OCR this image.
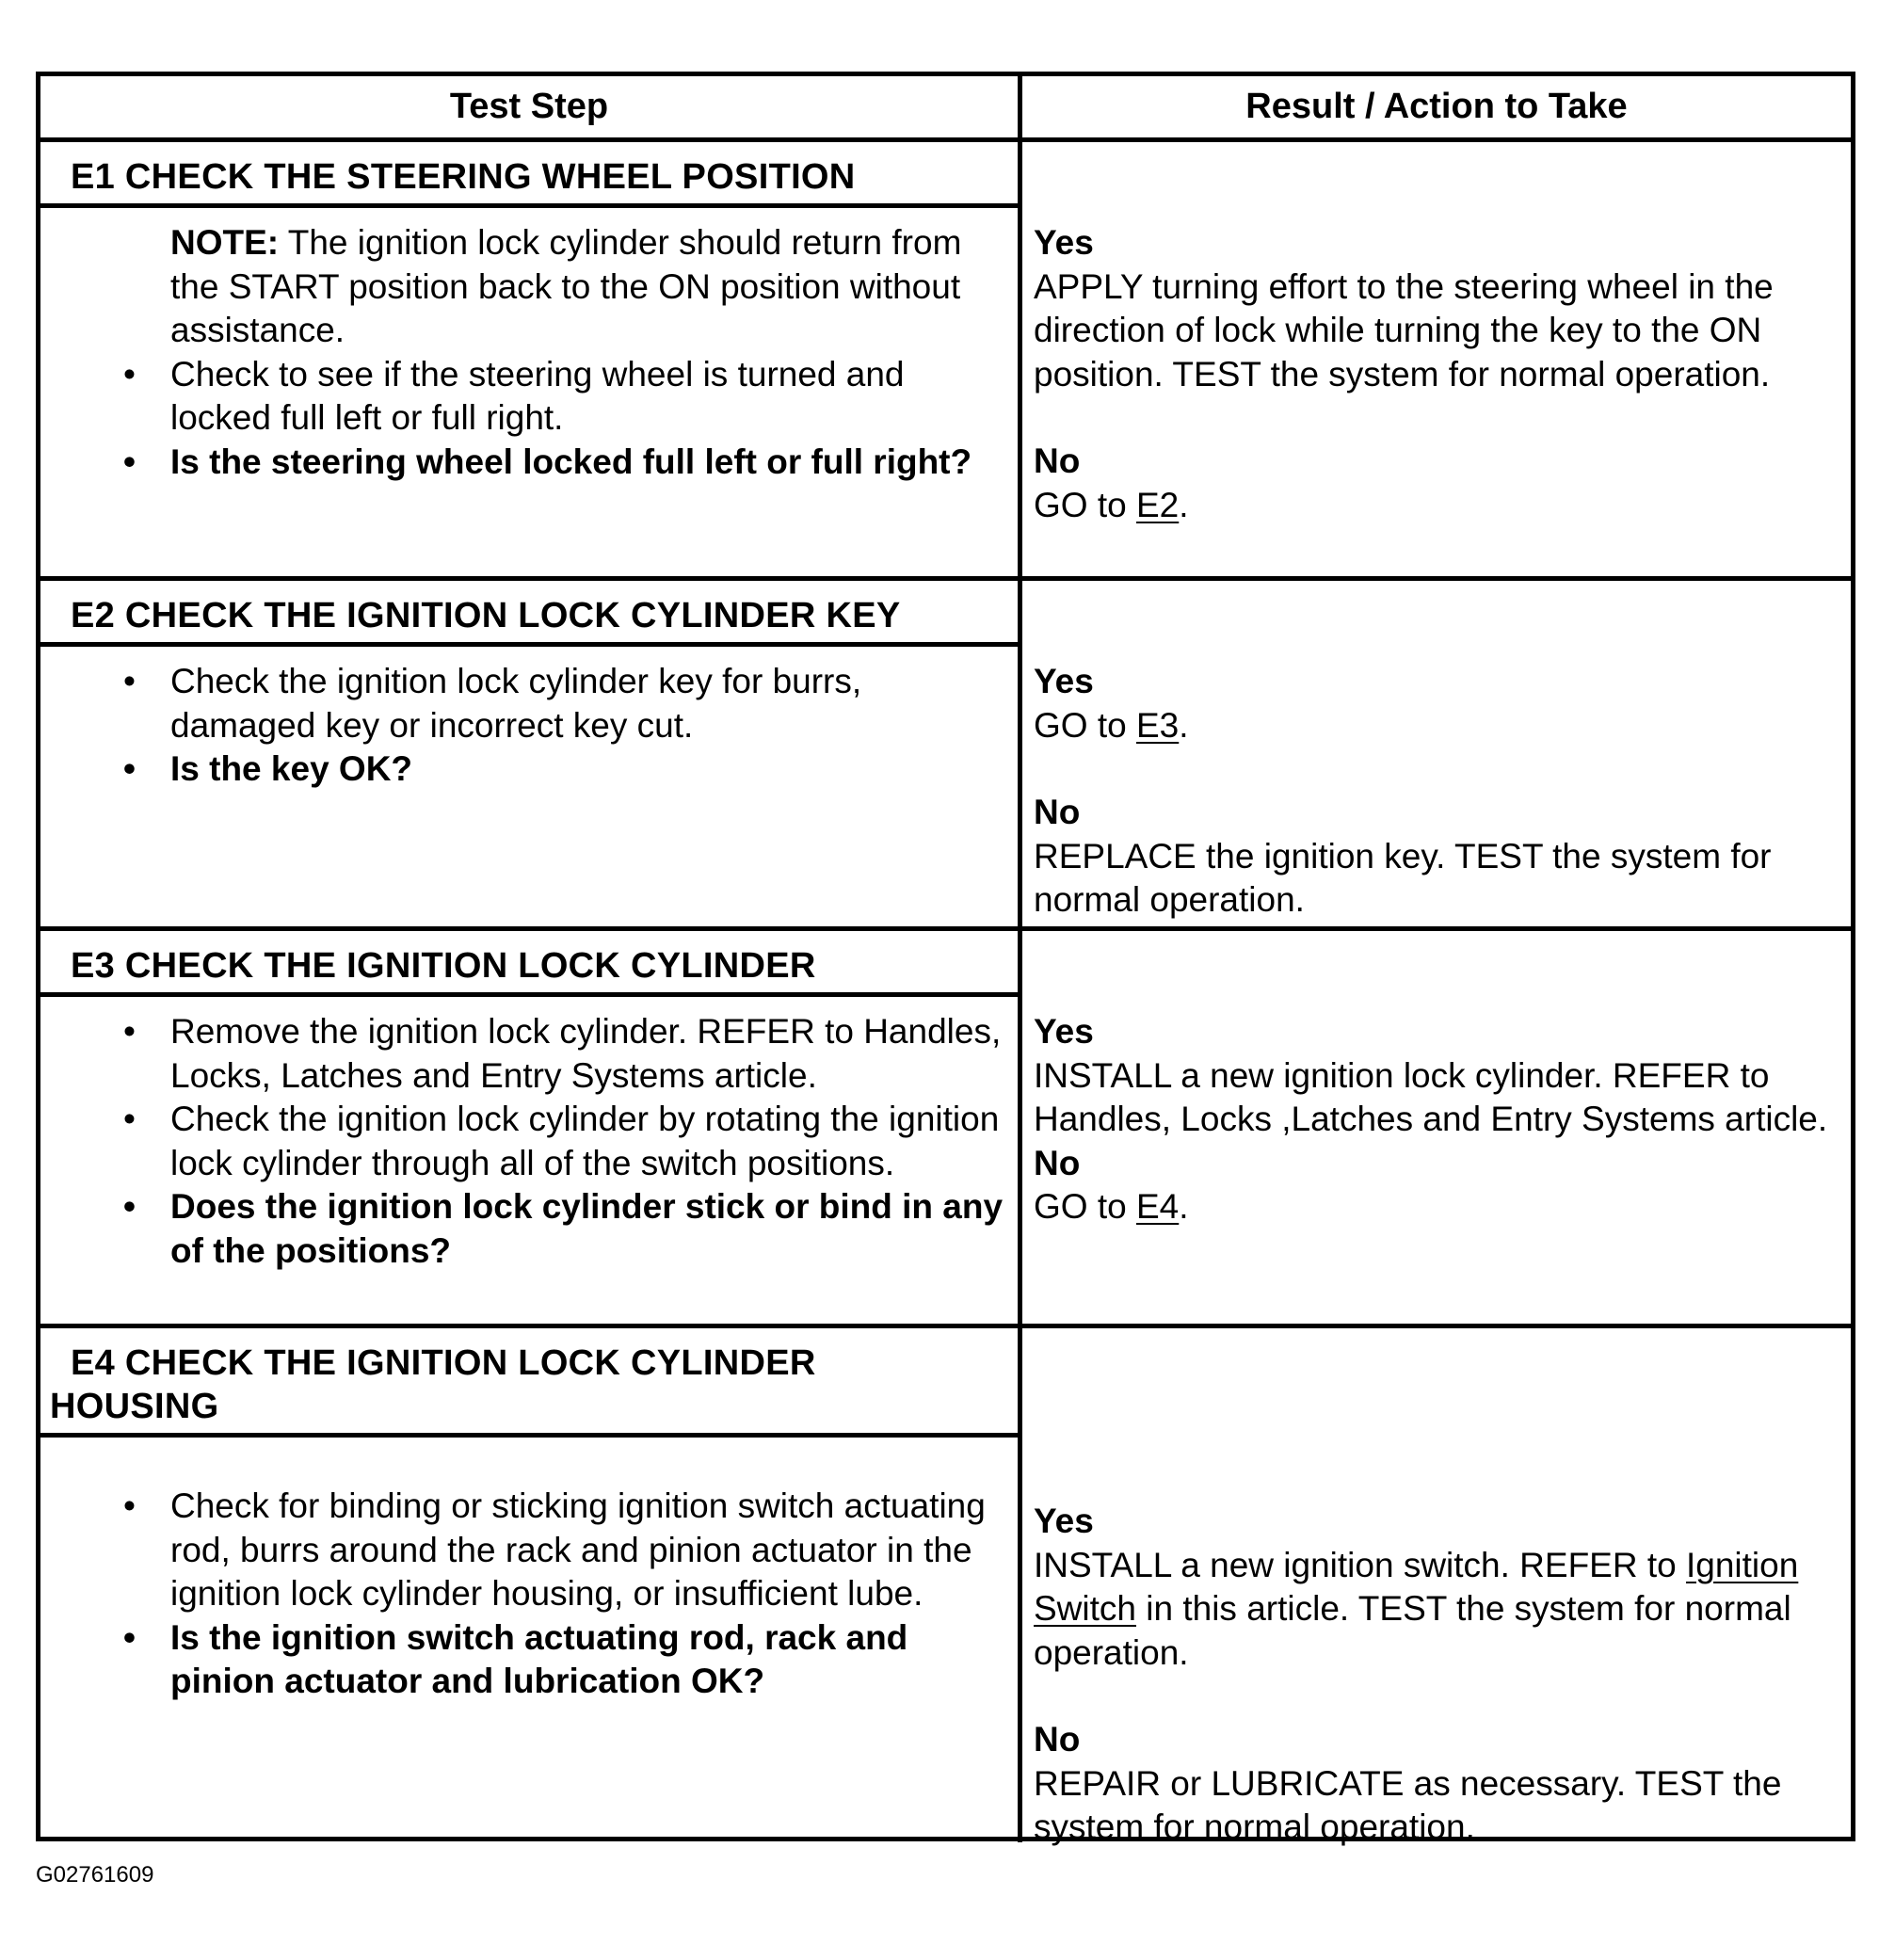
Test Step	Result / Action to Take
E1 CHECK THE STEERING WHEEL POSITION
NOTE: The ignition lock cylinder should return from the START position back to the ON position without assistance.
• Check to see if the steering wheel is turned and locked full left or full right.
• Is the steering wheel locked full left or full right?
Yes
APPLY turning effort to the steering wheel in the direction of lock while turning the key to the ON position. TEST the system for normal operation.
No
GO to E2.
E2 CHECK THE IGNITION LOCK CYLINDER KEY
• Check the ignition lock cylinder key for burrs, damaged key or incorrect key cut.
• Is the key OK?
Yes
GO to E3.
No
REPLACE the ignition key. TEST the system for normal operation.
E3 CHECK THE IGNITION LOCK CYLINDER
• Remove the ignition lock cylinder. REFER to Handles, Locks, Latches and Entry Systems article.
• Check the ignition lock cylinder by rotating the ignition lock cylinder through all of the switch positions.
• Does the ignition lock cylinder stick or bind in any of the positions?
Yes
INSTALL a new ignition lock cylinder. REFER to Handles, Locks ,Latches and Entry Systems article.
No
GO to E4.
E4 CHECK THE IGNITION LOCK CYLINDER
HOUSING
• Check for binding or sticking ignition switch actuating rod, burrs around the rack and pinion actuator in the ignition lock cylinder housing, or insufficient lube.
• Is the ignition switch actuating rod, rack and pinion actuator and lubrication OK?
Yes
INSTALL a new ignition switch. REFER to Ignition Switch in this article. TEST the system for normal operation.
No
REPAIR or LUBRICATE as necessary. TEST the system for normal operation.
G02761609
